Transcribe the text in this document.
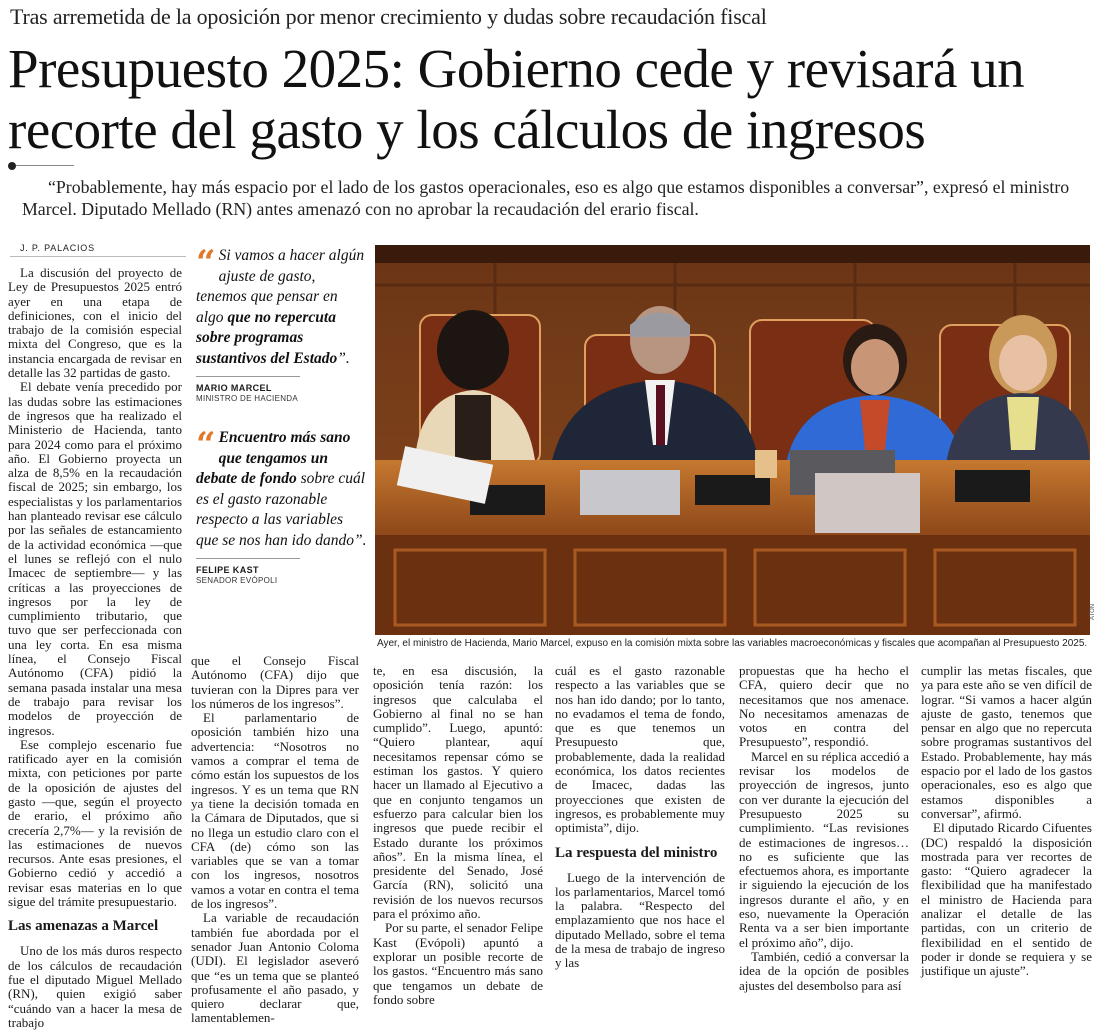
Tras arremetida de la oposición por menor crecimiento y dudas sobre recaudación fiscal
Presupuesto 2025: Gobierno cede y revisará un recorte del gasto y los cálculos de ingresos
“Probablemente, hay más espacio por el lado de los gastos operacionales, eso es algo que estamos disponibles a conversar”, expresó el ministro Marcel. Diputado Mellado (RN) antes amenazó con no aprobar la recaudación del erario fiscal.
J. P. PALACIOS

La discusión del proyecto de Ley de Presupuestos 2025 entró ayer en una etapa de definiciones, con el inicio del trabajo de la comisión especial mixta del Congreso, que es la instancia encargada de revisar en detalle las 32 partidas de gasto.

El debate venía precedido por las dudas sobre las estimaciones de ingresos que ha realizado el Ministerio de Hacienda, tanto para 2024 como para el próximo año. El Gobierno proyecta un alza de 8,5% en la recaudación fiscal de 2025; sin embargo, los especialistas y los parlamentarios han planteado revisar ese cálculo por las señales de estancamiento de la actividad económica —que el lunes se reflejó con el nulo Imacec de septiembre— y las críticas a las proyecciones de ingresos por la ley de cumplimiento tributario, que tuvo que ser perfeccionada con una ley corta. En esa misma línea, el Consejo Fiscal Autónomo (CFA) pidió la semana pasada instalar una mesa de trabajo para revisar los modelos de proyección de ingresos.

Ese complejo escenario fue ratificado ayer en la comisión mixta, con peticiones por parte de la oposición de ajustes del gasto —que, según el proyecto de erario, el próximo año crecería 2,7%— y la revisión de las estimaciones de nuevos recursos. Ante esas presiones, el Gobierno cedió y accedió a revisar esas materias en lo que sigue del trámite presupuestario.

Las amenazas a Marcel

Uno de los más duros respecto de los cálculos de recaudación fue el diputado Miguel Mellado (RN), quien exigió saber “cuándo van a hacer la mesa de trabajo

“ Si vamos a hacer algún ajuste de gasto, tenemos que pensar en algo que no repercuta sobre programas sustantivos del Estado”.
MARIO MARCEL
MINISTRO DE HACIENDA
“ Encuentro más sano que tengamos un debate de fondo sobre cuál es el gasto razonable respecto a las variables que se nos han ido dando”.
FELIPE KAST
SENADOR EVÓPOLI
Ayer, el ministro de Hacienda, Mario Marcel, expuso en la comisión mixta sobre las variables macroeconómicas y fiscales que acompañan al Presupuesto 2025.
ATON

que el Consejo Fiscal Autónomo (CFA) dijo que tuvieran con la Dipres para ver los números de los ingresos”.

El parlamentario de oposición también hizo una advertencia: “Nosotros no vamos a comprar el tema de cómo están los supuestos de los ingresos. Y es un tema que RN ya tiene la decisión tomada en la Cámara de Diputados, que si no llega un estudio claro con el CFA (de) cómo son las variables que se van a tomar con los ingresos, nosotros vamos a votar en contra el tema de los ingresos”.

La variable de recaudación también fue abordada por el senador Juan Antonio Coloma (UDI). El legislador aseveró que “es un tema que se planteó profusamente el año pasado, y quiero declarar que, lamentablemen-

te, en esa discusión, la oposición tenía razón: los ingresos que calculaba el Gobierno al final no se han cumplido”. Luego, apuntó: “Quiero plantear, aquí necesitamos repensar cómo se estiman los gastos. Y quiero hacer un llamado al Ejecutivo a que en conjunto tengamos un esfuerzo para calcular bien los ingresos que puede recibir el Estado durante los próximos años”. En la misma línea, el presidente del Senado, José García (RN), solicitó una revisión de los nuevos recursos para el próximo año.

Por su parte, el senador Felipe Kast (Evópoli) apuntó a explorar un posible recorte de los gastos. “Encuentro más sano que tengamos un debate de fondo sobre

cuál es el gasto razonable respecto a las variables que se nos han ido dando; por lo tanto, no evadamos el tema de fondo, que es que tenemos un Presupuesto que, probablemente, dada la realidad económica, los datos recientes de Imacec, dadas las proyecciones que existen de ingresos, es probablemente muy optimista”, dijo.

La respuesta del ministro

Luego de la intervención de los parlamentarios, Marcel tomó la palabra. “Respecto del emplazamiento que nos hace el diputado Mellado, sobre el tema de la mesa de trabajo de ingreso y las

propuestas que ha hecho el CFA, quiero decir que no necesitamos que nos amenace. No necesitamos amenazas de votos en contra del Presupuesto”, respondió.

Marcel en su réplica accedió a revisar los modelos de proyección de ingresos, junto con ver durante la ejecución del Presupuesto 2025 su cumplimiento. “Las revisiones de estimaciones de ingresos… no es suficiente que las efectuemos ahora, es importante ir siguiendo la ejecución de los ingresos durante el año, y en eso, nuevamente la Operación Renta va a ser bien importante el próximo año”, dijo.

También, cedió a conversar la idea de la opción de posibles ajustes del desembolso para así

cumplir las metas fiscales, que ya para este año se ven difícil de lograr. “Si vamos a hacer algún ajuste de gasto, tenemos que pensar en algo que no repercuta sobre programas sustantivos del Estado. Probablemente, hay más espacio por el lado de los gastos operacionales, eso es algo que estamos disponibles a conversar”, afirmó.

El diputado Ricardo Cifuentes (DC) respaldó la disposición mostrada para ver recortes de gasto: “Quiero agradecer la flexibilidad que ha manifestado el ministro de Hacienda para analizar el detalle de las partidas, con un criterio de flexibilidad en el sentido de poder ir donde se requiera y se justifique un ajuste”.
